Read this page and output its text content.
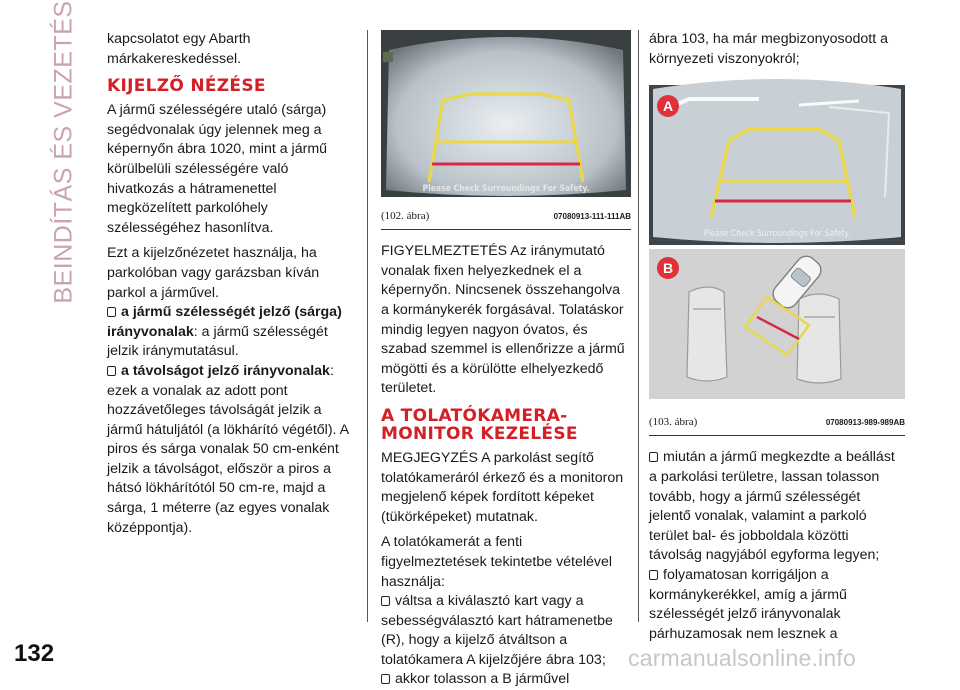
BEINDÍTÁS ÉS VEZETÉS
132

kapcsolatot egy Abarth márkakereskedéssel.

KIJELZŐ NÉZÉSE

A jármű szélességére utaló (sárga) segédvonalak úgy jelennek meg a képernyőn ábra 1020, mint a jármű körülbelüli szélességére való hivatkozás a hátramenettel megközelített parkolóhely szélességéhez hasonlítva.

Ezt a kijelzőnézetet használja, ha parkolóban vagy garázsban kíván parkol a járművel.

a jármű szélességét jelző (sárga) irányvonalak: a jármű szélességét jelzik iránymutatásul.
a távolságot jelző irányvonalak: ezek a vonalak az adott pont hozzávetőleges távolságát jelzik a jármű hátuljától (a lökhárító végétől). A piros és sárga vonalak 50 cm-enként jelzik a távolságot, először a piros a hátsó lökhárítótól 50 cm-re, majd a sárga, 1 méterre (az egyes vonalak középpontja).
Please Check Surroundings For Safety.
(102. ábra)	07080913-111-111AB

FIGYELMEZTETÉS Az iránymutató vonalak fixen helyezkednek el a képernyőn. Nincsenek összehangolva a kormánykerék forgásával. Tolatáskor mindig legyen nagyon óvatos, és szabad szemmel is ellenőrizze a jármű mögötti és a körülötte elhelyezkedő területet.

A TOLATÓKAMERA-MONITOR KEZELÉSE

MEGJEGYZÉS A parkolást segítő tolatókameráról érkező és a monitoron megjelenő képek fordított képeket (tükörképeket) mutatnak.

A tolatókamerát a fenti figyelmeztetések tekintetbe vételével használja:

váltsa a kiválasztó kart vagy a sebességválasztó kart hátramenetbe (R), hogy a kijelző átváltson a tolatókamera A kijelzőjére ábra 103;
akkor tolasson a B járművel

ábra 103, ha már megbizonyosodott a környezeti viszonyokról;

A
Please Check Surroundings For Safety.
B
(103. ábra)	07080913-989-989AB
miután a jármű megkezdte a beállást a parkolási területre, lassan tolasson tovább, hogy a jármű szélességét jelentő vonalak, valamint a parkoló terület bal- és jobboldala közötti távolság nagyjából egyforma legyen;
folyamatosan korrigáljon a kormánykerékkel, amíg a jármű szélességét jelző irányvonalak párhuzamosak nem lesznek a
carmanualsonline.info
